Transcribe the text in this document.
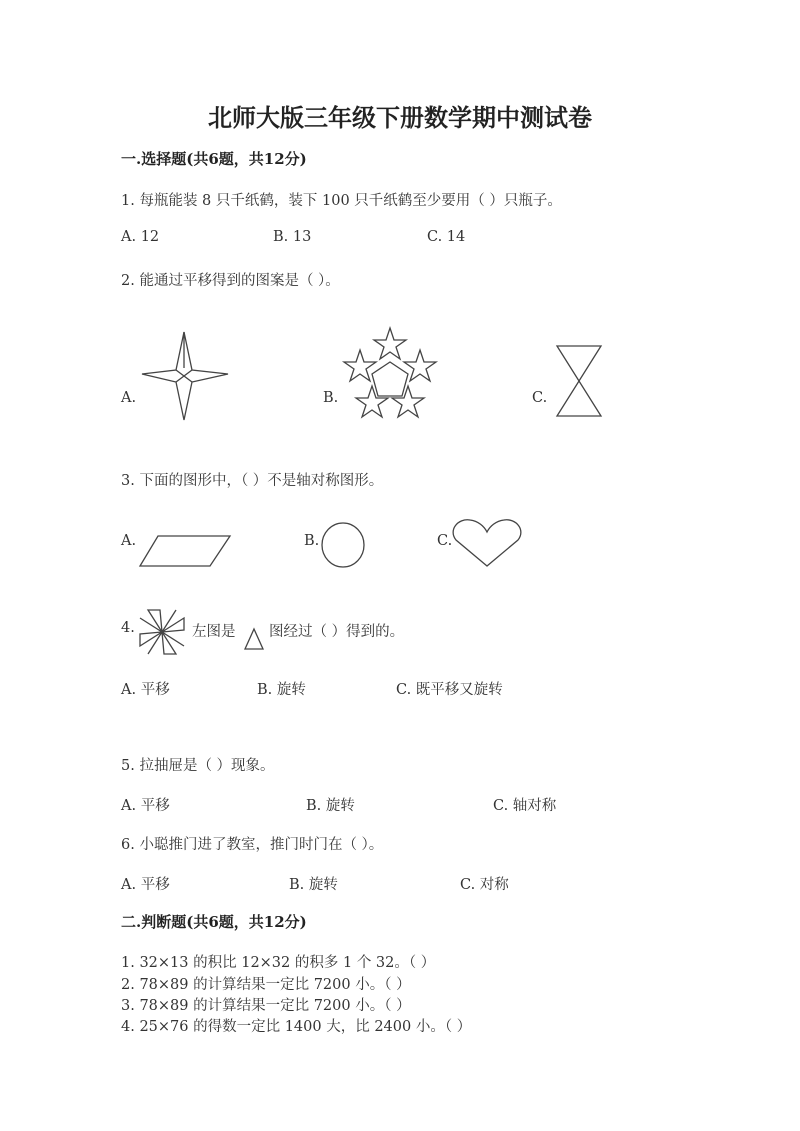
北师大版三年级下册数学期中测试卷
一.选择题(共6题，共12分)
1. 每瓶能装 8 只千纸鹤，装下 100 只千纸鹤至少要用（ ）只瓶子。
A. 12	B. 13	C. 14
2. 能通过平移得到的图案是（ ）。
A.	B.	C.
3. 下面的图形中，（ ）不是轴对称图形。
A.	B.	C.
4.	左图是 图经过（ ）得到的。
A. 平移	B. 旋转	C. 既平移又旋转
5. 拉抽屉是（ ）现象。
A. 平移	B. 旋转	C. 轴对称
6. 小聪推门进了教室，推门时门在（ ）。
A. 平移	B. 旋转	C. 对称
二.判断题(共6题，共12分)
1. 32×13 的积比 12×32 的积多 1 个 32。（ ）
2. 78×89 的计算结果一定比 7200 小。（ ）
3. 78×89 的计算结果一定比 7200 小。（ ）
4. 25×76 的得数一定比 1400 大，比 2400 小。（ ）
